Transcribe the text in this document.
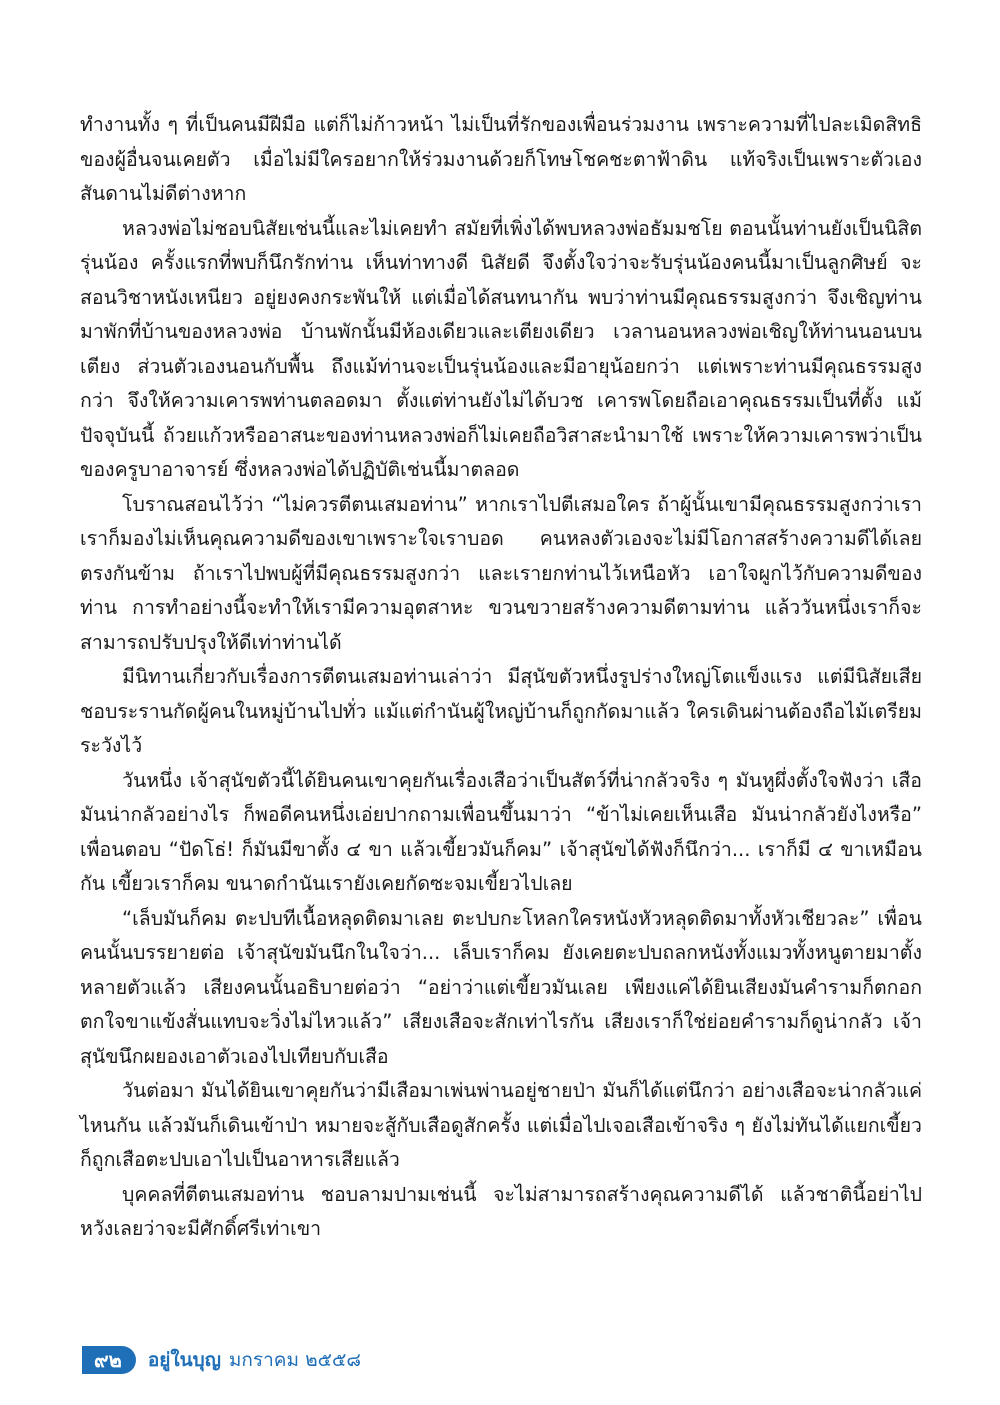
ทำงานทั้ง ๆ ที่เป็นคนมีฝีมือ แต่ก็ไม่ก้าวหน้า ไม่เป็นที่รักของเพื่อนร่วมงาน เพราะความที่ไปละเมิดสิทธิของผู้อื่นจนเคยตัว เมื่อไม่มีใครอยากให้ร่วมงานด้วยก็โทษโชคชะตาฟ้าดิน แท้จริงเป็นเพราะตัวเองสันดานไม่ดีต่างหาก

หลวงพ่อไม่ชอบนิสัยเช่นนี้และไม่เคยทำ สมัยที่เพิ่งได้พบหลวงพ่อธัมมชโย ตอนนั้นท่านยังเป็นนิสิตรุ่นน้อง ครั้งแรกที่พบก็นึกรักท่าน เห็นท่าทางดี นิสัยดี จึงตั้งใจว่าจะรับรุ่นน้องคนนี้มาเป็นลูกศิษย์ จะสอนวิชาหนังเหนียว อยู่ยงคงกระพันให้ แต่เมื่อได้สนทนากัน พบว่าท่านมีคุณธรรมสูงกว่า จึงเชิญท่านมาพักที่บ้านของหลวงพ่อ บ้านพักนั้นมีห้องเดียวและเตียงเดียว เวลานอนหลวงพ่อเชิญให้ท่านนอนบนเตียง ส่วนตัวเองนอนกับพื้น ถึงแม้ท่านจะเป็นรุ่นน้องและมีอายุน้อยกว่า แต่เพราะท่านมีคุณธรรมสูงกว่า จึงให้ความเคารพท่านตลอดมา ตั้งแต่ท่านยังไม่ได้บวช เคารพโดยถือเอาคุณธรรมเป็นที่ตั้ง แม้ปัจจุบันนี้ ถ้วยแก้วหรืออาสนะของท่านหลวงพ่อก็ไม่เคยถือวิสาสะนำมาใช้ เพราะให้ความเคารพว่าเป็นของครูบาอาจารย์ ซึ่งหลวงพ่อได้ปฏิบัติเช่นนี้มาตลอด

โบราณสอนไว้ว่า “ไม่ควรตีตนเสมอท่าน” หากเราไปตีเสมอใคร ถ้าผู้นั้นเขามีคุณธรรมสูงกว่าเรา เราก็มองไม่เห็นคุณความดีของเขาเพราะใจเราบอด คนหลงตัวเองจะไม่มีโอกาสสร้างความดีได้เลย ตรงกันข้าม ถ้าเราไปพบผู้ที่มีคุณธรรมสูงกว่า และเรายกท่านไว้เหนือหัว เอาใจผูกไว้กับความดีของท่าน การทำอย่างนี้จะทำให้เรามีความอุตสาหะ ขวนขวายสร้างความดีตามท่าน แล้ววันหนึ่งเราก็จะสามารถปรับปรุงให้ดีเท่าท่านได้

มีนิทานเกี่ยวกับเรื่องการตีตนเสมอท่านเล่าว่า มีสุนัขตัวหนึ่งรูปร่างใหญ่โตแข็งแรง แต่มีนิสัยเสีย ชอบระรานกัดผู้คนในหมู่บ้านไปทั่ว แม้แต่กำนันผู้ใหญ่บ้านก็ถูกกัดมาแล้ว ใครเดินผ่านต้องถือไม้เตรียมระวังไว้

วันหนึ่ง เจ้าสุนัขตัวนี้ได้ยินคนเขาคุยกันเรื่องเสือว่าเป็นสัตว์ที่น่ากลัวจริง ๆ มันหูผึ่งตั้งใจฟังว่า เสือมันน่ากลัวอย่างไร ก็พอดีคนหนึ่งเอ่ยปากถามเพื่อนขึ้นมาว่า “ข้าไม่เคยเห็นเสือ มันน่ากลัวยังไงหรือ” เพื่อนตอบ “ปัดโธ่! ก็มันมีขาตั้ง ๔ ขา แล้วเขี้ยวมันก็คม” เจ้าสุนัขได้ฟังก็นึกว่า... เราก็มี ๔ ขาเหมือนกัน เขี้ยวเราก็คม ขนาดกำนันเรายังเคยกัดซะจมเขี้ยวไปเลย

“เล็บมันก็คม ตะปบทีเนื้อหลุดติดมาเลย ตะปบกะโหลกใครหนังหัวหลุดติดมาทั้งหัวเชียวละ” เพื่อนคนนั้นบรรยายต่อ เจ้าสุนัขมันนึกในใจว่า... เล็บเราก็คม ยังเคยตะปบถลกหนังทั้งแมวทั้งหนูตายมาตั้งหลายตัวแล้ว เสียงคนนั้นอธิบายต่อว่า “อย่าว่าแต่เขี้ยวมันเลย เพียงแค่ได้ยินเสียงมันคำรามก็ตกอกตกใจขาแข้งสั่นแทบจะวิ่งไม่ไหวแล้ว” เสียงเสือจะสักเท่าไรกัน เสียงเราก็ใช่ย่อยคำรามก็ดูน่ากลัว เจ้าสุนัขนึกผยองเอาตัวเองไปเทียบกับเสือ

วันต่อมา มันได้ยินเขาคุยกันว่ามีเสือมาเพ่นพ่านอยู่ชายป่า มันก็ได้แต่นึกว่า อย่างเสือจะน่ากลัวแค่ไหนกัน แล้วมันก็เดินเข้าป่า หมายจะสู้กับเสือดูสักครั้ง แต่เมื่อไปเจอเสือเข้าจริง ๆ ยังไม่ทันได้แยกเขี้ยวก็ถูกเสือตะปบเอาไปเป็นอาหารเสียแล้ว

บุคคลที่ตีตนเสมอท่าน ชอบลามปามเช่นนี้ จะไม่สามารถสร้างคุณความดีได้ แล้วชาตินี้อย่าไปหวังเลยว่าจะมีศักดิ์ศรีเท่าเขา

๙๒	อยู่ในบุญ มกราคม ๒๕๕๘
